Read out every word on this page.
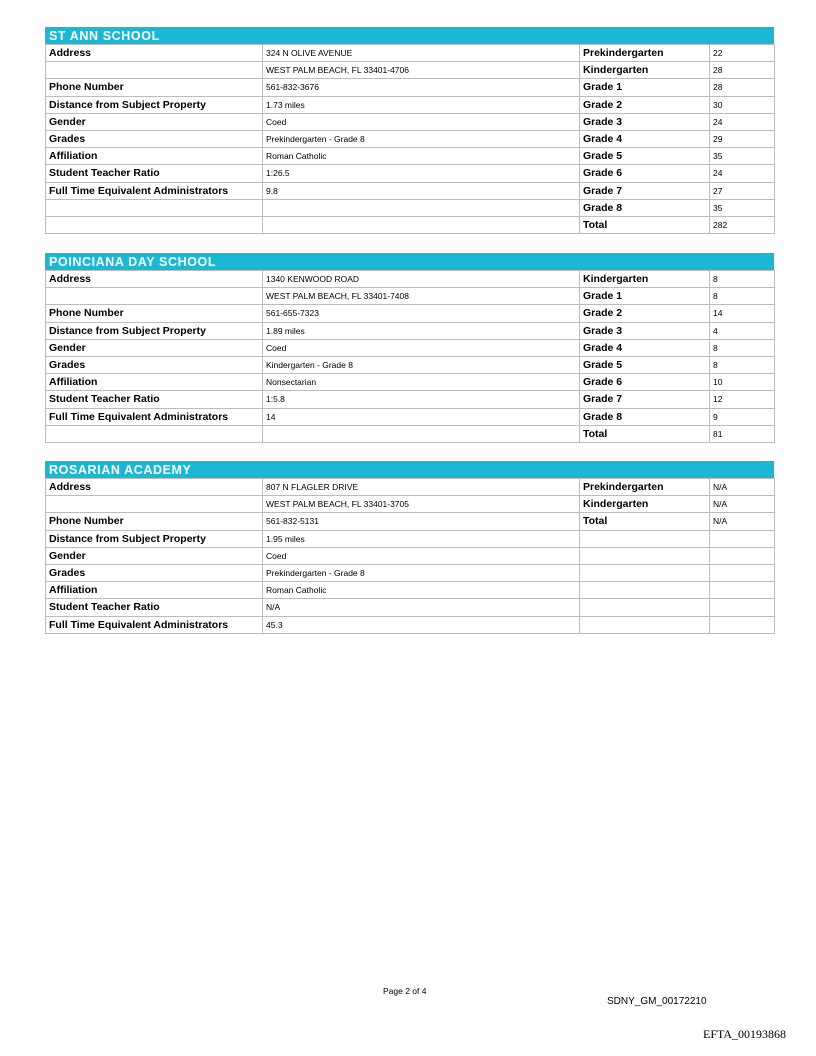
ST ANN SCHOOL
Address	324 N OLIVE AVENUE	Prekindergarten	22
	WEST PALM BEACH, FL 33401-4706	Kindergarten	28
Phone Number	561-832-3676	Grade 1	28
Distance from Subject Property	1.73 miles	Grade 2	30
Gender	Coed	Grade 3	24
Grades	Prekindergarten - Grade 8	Grade 4	29
Affiliation	Roman Catholic	Grade 5	35
Student Teacher Ratio	1:26.5	Grade 6	24
Full Time Equivalent Administrators	9.8	Grade 7	27
		Grade 8	35
		Total	282
POINCIANA DAY SCHOOL
Address	1340 KENWOOD ROAD	Kindergarten	8
	WEST PALM BEACH, FL 33401-7408	Grade 1	8
Phone Number	561-655-7323	Grade 2	14
Distance from Subject Property	1.89 miles	Grade 3	4
Gender	Coed	Grade 4	8
Grades	Kindergarten - Grade 8	Grade 5	8
Affiliation	Nonsectarian	Grade 6	10
Student Teacher Ratio	1:5.8	Grade 7	12
Full Time Equivalent Administrators	14	Grade 8	9
		Total	81
ROSARIAN ACADEMY
Address	807 N FLAGLER DRIVE	Prekindergarten	N/A
	WEST PALM BEACH, FL 33401-3705	Kindergarten	N/A
Phone Number	561-832-5131	Total	N/A
Distance from Subject Property	1.95 miles		
Gender	Coed		
Grades	Prekindergarten - Grade 8		
Affiliation	Roman Catholic		
Student Teacher Ratio	N/A		
Full Time Equivalent Administrators	45.3		
Page 2 of 4
SDNY_GM_00172210
EFTA_00193868
